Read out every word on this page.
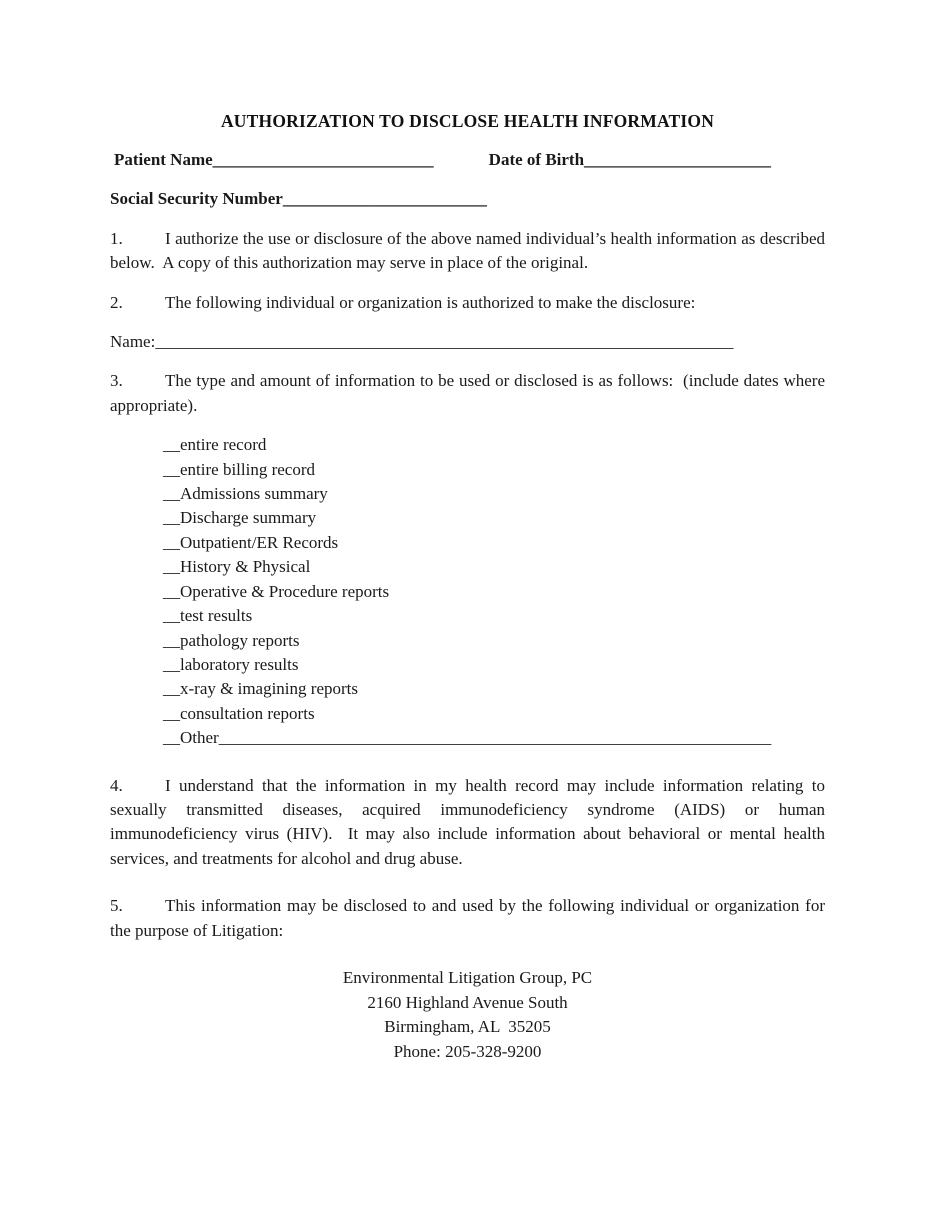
AUTHORIZATION TO DISCLOSE HEALTH INFORMATION
Patient Name__________________________	Date of Birth______________________
Social Security Number________________________

1. I authorize the use or disclosure of the above named individual’s health information as described below.  A copy of this authorization may serve in place of the original.

2. The following individual or organization is authorized to make the disclosure:

Name:____________________________________________________________________

3. The type and amount of information to be used or disclosed is as follows:  (include dates where appropriate).

__entire record
__entire billing record
__Admissions summary
__Discharge summary
__Outpatient/ER Records
__History & Physical
__Operative & Procedure reports
__test results
__pathology reports
__laboratory results
__x-ray & imagining reports
__consultation reports
__Other_________________________________________________________________

4. I understand that the information in my health record may include information relating to sexually transmitted diseases, acquired immunodeficiency syndrome (AIDS) or human immunodeficiency virus (HIV).  It may also include information about behavioral or mental health services, and treatments for alcohol and drug abuse.

5. This information may be disclosed to and used by the following individual or organization for the purpose of Litigation:

Environmental Litigation Group, PC
2160 Highland Avenue South
Birmingham, AL  35205
Phone: 205-328-9200
